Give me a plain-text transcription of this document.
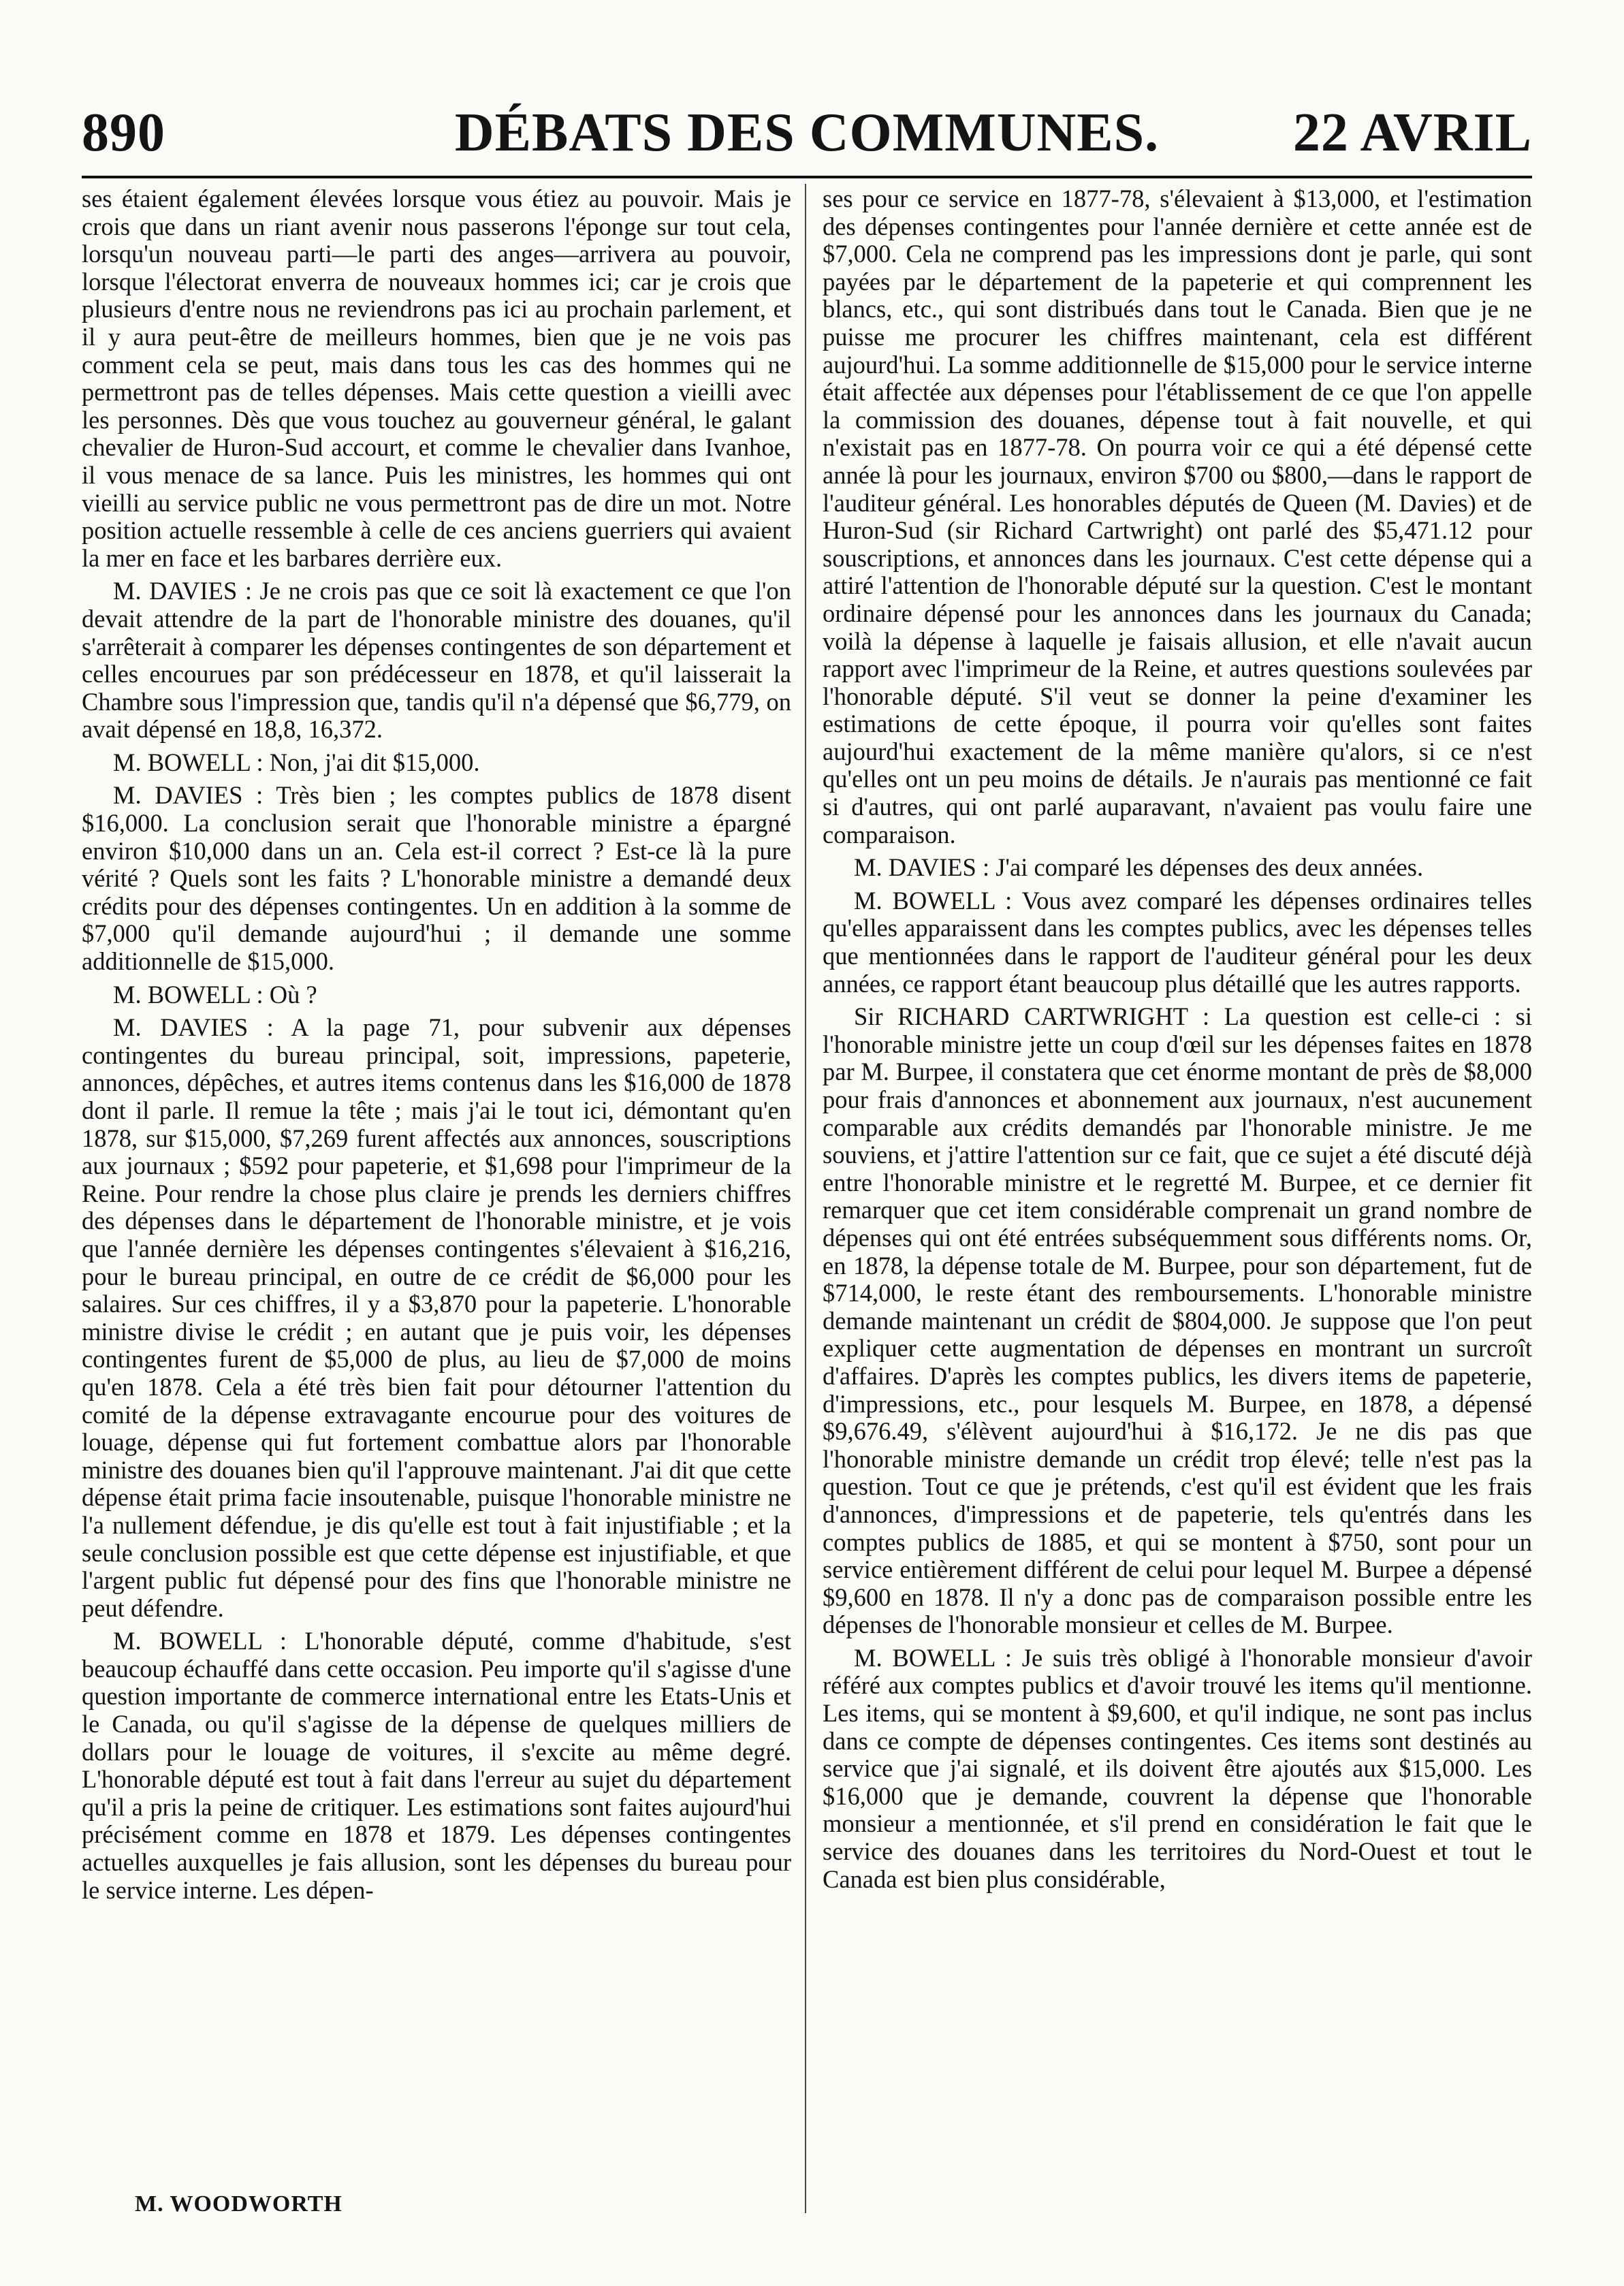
890	DÉBATS DES COMMUNES.	22 AVRIL

ses étaient également élevées lorsque vous étiez au pouvoir. Mais je crois que dans un riant avenir nous passerons l'éponge sur tout cela, lorsqu'un nouveau parti—le parti des anges—arrivera au pouvoir, lorsque l'électorat enverra de nouveaux hommes ici; car je crois que plusieurs d'entre nous ne reviendrons pas ici au prochain parlement, et il y aura peut-être de meilleurs hommes, bien que je ne vois pas comment cela se peut, mais dans tous les cas des hommes qui ne permettront pas de telles dépenses. Mais cette question a vieilli avec les personnes. Dès que vous touchez au gouverneur général, le galant chevalier de Huron-Sud accourt, et comme le chevalier dans Ivanhoe, il vous menace de sa lance. Puis les ministres, les hommes qui ont vieilli au service public ne vous permettront pas de dire un mot. Notre position actuelle ressemble à celle de ces anciens guerriers qui avaient la mer en face et les barbares derrière eux.

M. DAVIES : Je ne crois pas que ce soit là exactement ce que l'on devait attendre de la part de l'honorable ministre des douanes, qu'il s'arrêterait à comparer les dépenses contingentes de son département et celles encourues par son prédécesseur en 1878, et qu'il laisserait la Chambre sous l'impression que, tandis qu'il n'a dépensé que $6,779, on avait dépensé en 18,8, 16,372.

M. BOWELL : Non, j'ai dit $15,000.

M. DAVIES : Très bien ; les comptes publics de 1878 disent $16,000. La conclusion serait que l'honorable ministre a épargné environ $10,000 dans un an. Cela est-il correct ? Est-ce là la pure vérité ? Quels sont les faits ? L'honorable ministre a demandé deux crédits pour des dépenses contingentes. Un en addition à la somme de $7,000 qu'il demande aujourd'hui ; il demande une somme additionnelle de $15,000.

M. BOWELL : Où ?

M. DAVIES : A la page 71, pour subvenir aux dépenses contingentes du bureau principal, soit, impressions, papeterie, annonces, dépêches, et autres items contenus dans les $16,000 de 1878 dont il parle. Il remue la tête ; mais j'ai le tout ici, démontant qu'en 1878, sur $15,000, $7,269 furent affectés aux annonces, souscriptions aux journaux ; $592 pour papeterie, et $1,698 pour l'imprimeur de la Reine. Pour rendre la chose plus claire je prends les derniers chiffres des dépenses dans le département de l'honorable ministre, et je vois que l'année dernière les dépenses contingentes s'élevaient à $16,216, pour le bureau principal, en outre de ce crédit de $6,000 pour les salaires. Sur ces chiffres, il y a $3,870 pour la papeterie. L'honorable ministre divise le crédit ; en autant que je puis voir, les dépenses contingentes furent de $5,000 de plus, au lieu de $7,000 de moins qu'en 1878. Cela a été très bien fait pour détourner l'attention du comité de la dépense extravagante encourue pour des voitures de louage, dépense qui fut fortement combattue alors par l'honorable ministre des douanes bien qu'il l'approuve maintenant. J'ai dit que cette dépense était prima facie insoutenable, puisque l'honorable ministre ne l'a nullement défendue, je dis qu'elle est tout à fait injustifiable ; et la seule conclusion possible est que cette dépense est injustifiable, et que l'argent public fut dépensé pour des fins que l'honorable ministre ne peut défendre.

M. BOWELL : L'honorable député, comme d'habitude, s'est beaucoup échauffé dans cette occasion. Peu importe qu'il s'agisse d'une question importante de commerce international entre les Etats-Unis et le Canada, ou qu'il s'agisse de la dépense de quelques milliers de dollars pour le louage de voitures, il s'excite au même degré. L'honorable député est tout à fait dans l'erreur au sujet du département qu'il a pris la peine de critiquer. Les estimations sont faites aujourd'hui précisément comme en 1878 et 1879. Les dépenses contingentes actuelles auxquelles je fais allusion, sont les dépenses du bureau pour le service interne. Les dépen-

ses pour ce service en 1877-78, s'élevaient à $13,000, et l'estimation des dépenses contingentes pour l'année dernière et cette année est de $7,000. Cela ne comprend pas les impressions dont je parle, qui sont payées par le département de la papeterie et qui comprennent les blancs, etc., qui sont distribués dans tout le Canada. Bien que je ne puisse me procurer les chiffres maintenant, cela est différent aujourd'hui. La somme additionnelle de $15,000 pour le service interne était affectée aux dépenses pour l'établissement de ce que l'on appelle la commission des douanes, dépense tout à fait nouvelle, et qui n'existait pas en 1877-78. On pourra voir ce qui a été dépensé cette année là pour les journaux, environ $700 ou $800,—dans le rapport de l'auditeur général. Les honorables députés de Queen (M. Davies) et de Huron-Sud (sir Richard Cartwright) ont parlé des $5,471.12 pour souscriptions, et annonces dans les journaux. C'est cette dépense qui a attiré l'attention de l'honorable député sur la question. C'est le montant ordinaire dépensé pour les annonces dans les journaux du Canada; voilà la dépense à laquelle je faisais allusion, et elle n'avait aucun rapport avec l'imprimeur de la Reine, et autres questions soulevées par l'honorable député. S'il veut se donner la peine d'examiner les estimations de cette époque, il pourra voir qu'elles sont faites aujourd'hui exactement de la même manière qu'alors, si ce n'est qu'elles ont un peu moins de détails. Je n'aurais pas mentionné ce fait si d'autres, qui ont parlé auparavant, n'avaient pas voulu faire une comparaison.

M. DAVIES : J'ai comparé les dépenses des deux années.

M. BOWELL : Vous avez comparé les dépenses ordinaires telles qu'elles apparaissent dans les comptes publics, avec les dépenses telles que mentionnées dans le rapport de l'auditeur général pour les deux années, ce rapport étant beaucoup plus détaillé que les autres rapports.

Sir RICHARD CARTWRIGHT : La question est celle-ci : si l'honorable ministre jette un coup d'œil sur les dépenses faites en 1878 par M. Burpee, il constatera que cet énorme montant de près de $8,000 pour frais d'annonces et abonnement aux journaux, n'est aucunement comparable aux crédits demandés par l'honorable ministre. Je me souviens, et j'attire l'attention sur ce fait, que ce sujet a été discuté déjà entre l'honorable ministre et le regretté M. Burpee, et ce dernier fit remarquer que cet item considérable comprenait un grand nombre de dépenses qui ont été entrées subséquemment sous différents noms. Or, en 1878, la dépense totale de M. Burpee, pour son département, fut de $714,000, le reste étant des remboursements. L'honorable ministre demande maintenant un crédit de $804,000. Je suppose que l'on peut expliquer cette augmentation de dépenses en montrant un surcroît d'affaires. D'après les comptes publics, les divers items de papeterie, d'impressions, etc., pour lesquels M. Burpee, en 1878, a dépensé $9,676.49, s'élèvent aujourd'hui à $16,172. Je ne dis pas que l'honorable ministre demande un crédit trop élevé; telle n'est pas la question. Tout ce que je prétends, c'est qu'il est évident que les frais d'annonces, d'impressions et de papeterie, tels qu'entrés dans les comptes publics de 1885, et qui se montent à $750, sont pour un service entièrement différent de celui pour lequel M. Burpee a dépensé $9,600 en 1878. Il n'y a donc pas de comparaison possible entre les dépenses de l'honorable monsieur et celles de M. Burpee.

M. BOWELL : Je suis très obligé à l'honorable monsieur d'avoir référé aux comptes publics et d'avoir trouvé les items qu'il mentionne. Les items, qui se montent à $9,600, et qu'il indique, ne sont pas inclus dans ce compte de dépenses contingentes. Ces items sont destinés au service que j'ai signalé, et ils doivent être ajoutés aux $15,000. Les $16,000 que je demande, couvrent la dépense que l'honorable monsieur a mentionnée, et s'il prend en considération le fait que le service des douanes dans les territoires du Nord-Ouest et tout le Canada est bien plus considérable,

M. WOODWORTH
